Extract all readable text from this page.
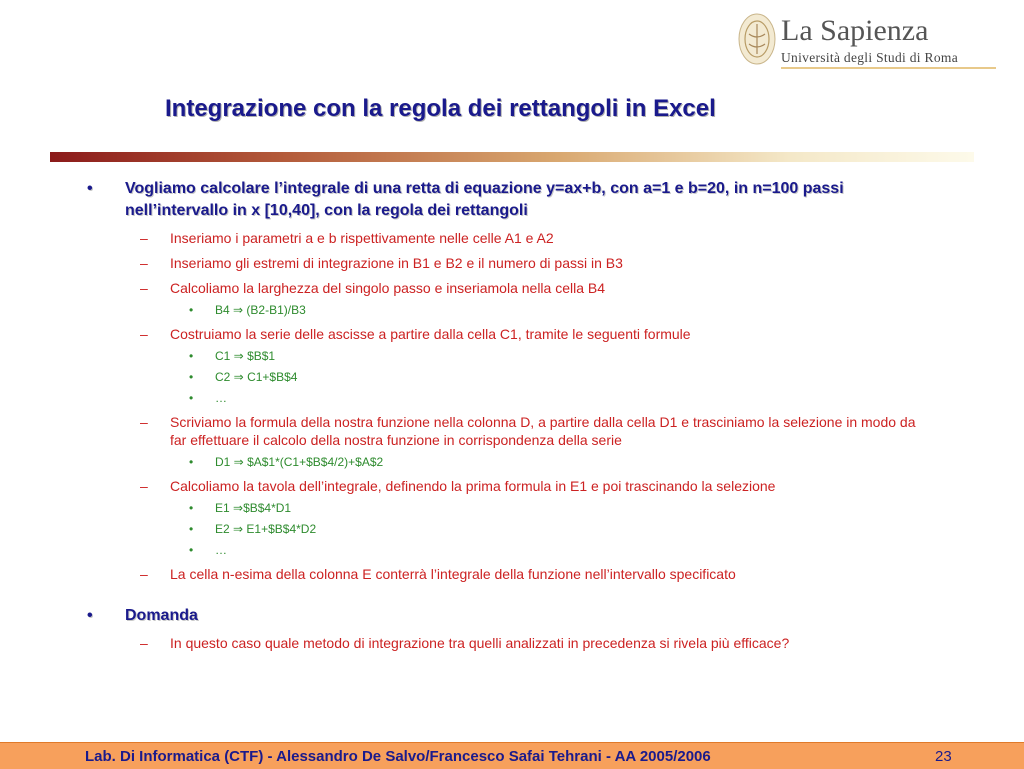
La Sapienza
Università degli Studi di Roma
Integrazione con la regola dei rettangoli in Excel
• Vogliamo calcolare l’integrale di una retta di equazione y=ax+b, con a=1 e b=20, in n=100 passi nell’intervallo in x [10,40], con la regola dei rettangoli
– Inseriamo i parametri a e b rispettivamente nelle celle A1 e A2
– Inseriamo gli estremi di integrazione in B1 e B2 e il numero di passi in B3
– Calcoliamo la larghezza del singolo passo e inseriamola nella cella B4
• B4 ⇒ (B2-B1)/B3
– Costruiamo la serie delle ascisse a partire dalla cella C1, tramite le seguenti formule
• C1 ⇒ $B$1
• C2 ⇒ C1+$B$4
• …
– Scriviamo la formula della nostra funzione nella colonna D, a partire dalla cella D1 e trasciniamo la selezione in modo da far effettuare il calcolo della nostra funzione in corrispondenza della serie
• D1 ⇒ $A$1*(C1+$B$4/2)+$A$2
– Calcoliamo la tavola dell’integrale, definendo la prima formula in E1 e poi trascinando la selezione
• E1 ⇒$B$4*D1
• E2 ⇒ E1+$B$4*D2
• …
– La cella n-esima della colonna E conterrà l’integrale della funzione nell’intervallo specificato
• Domanda
– In questo caso quale metodo di integrazione tra quelli analizzati in precedenza si rivela più efficace?
Lab. Di Informatica (CTF) - Alessandro De Salvo/Francesco Safai Tehrani - AA 2005/2006	23
